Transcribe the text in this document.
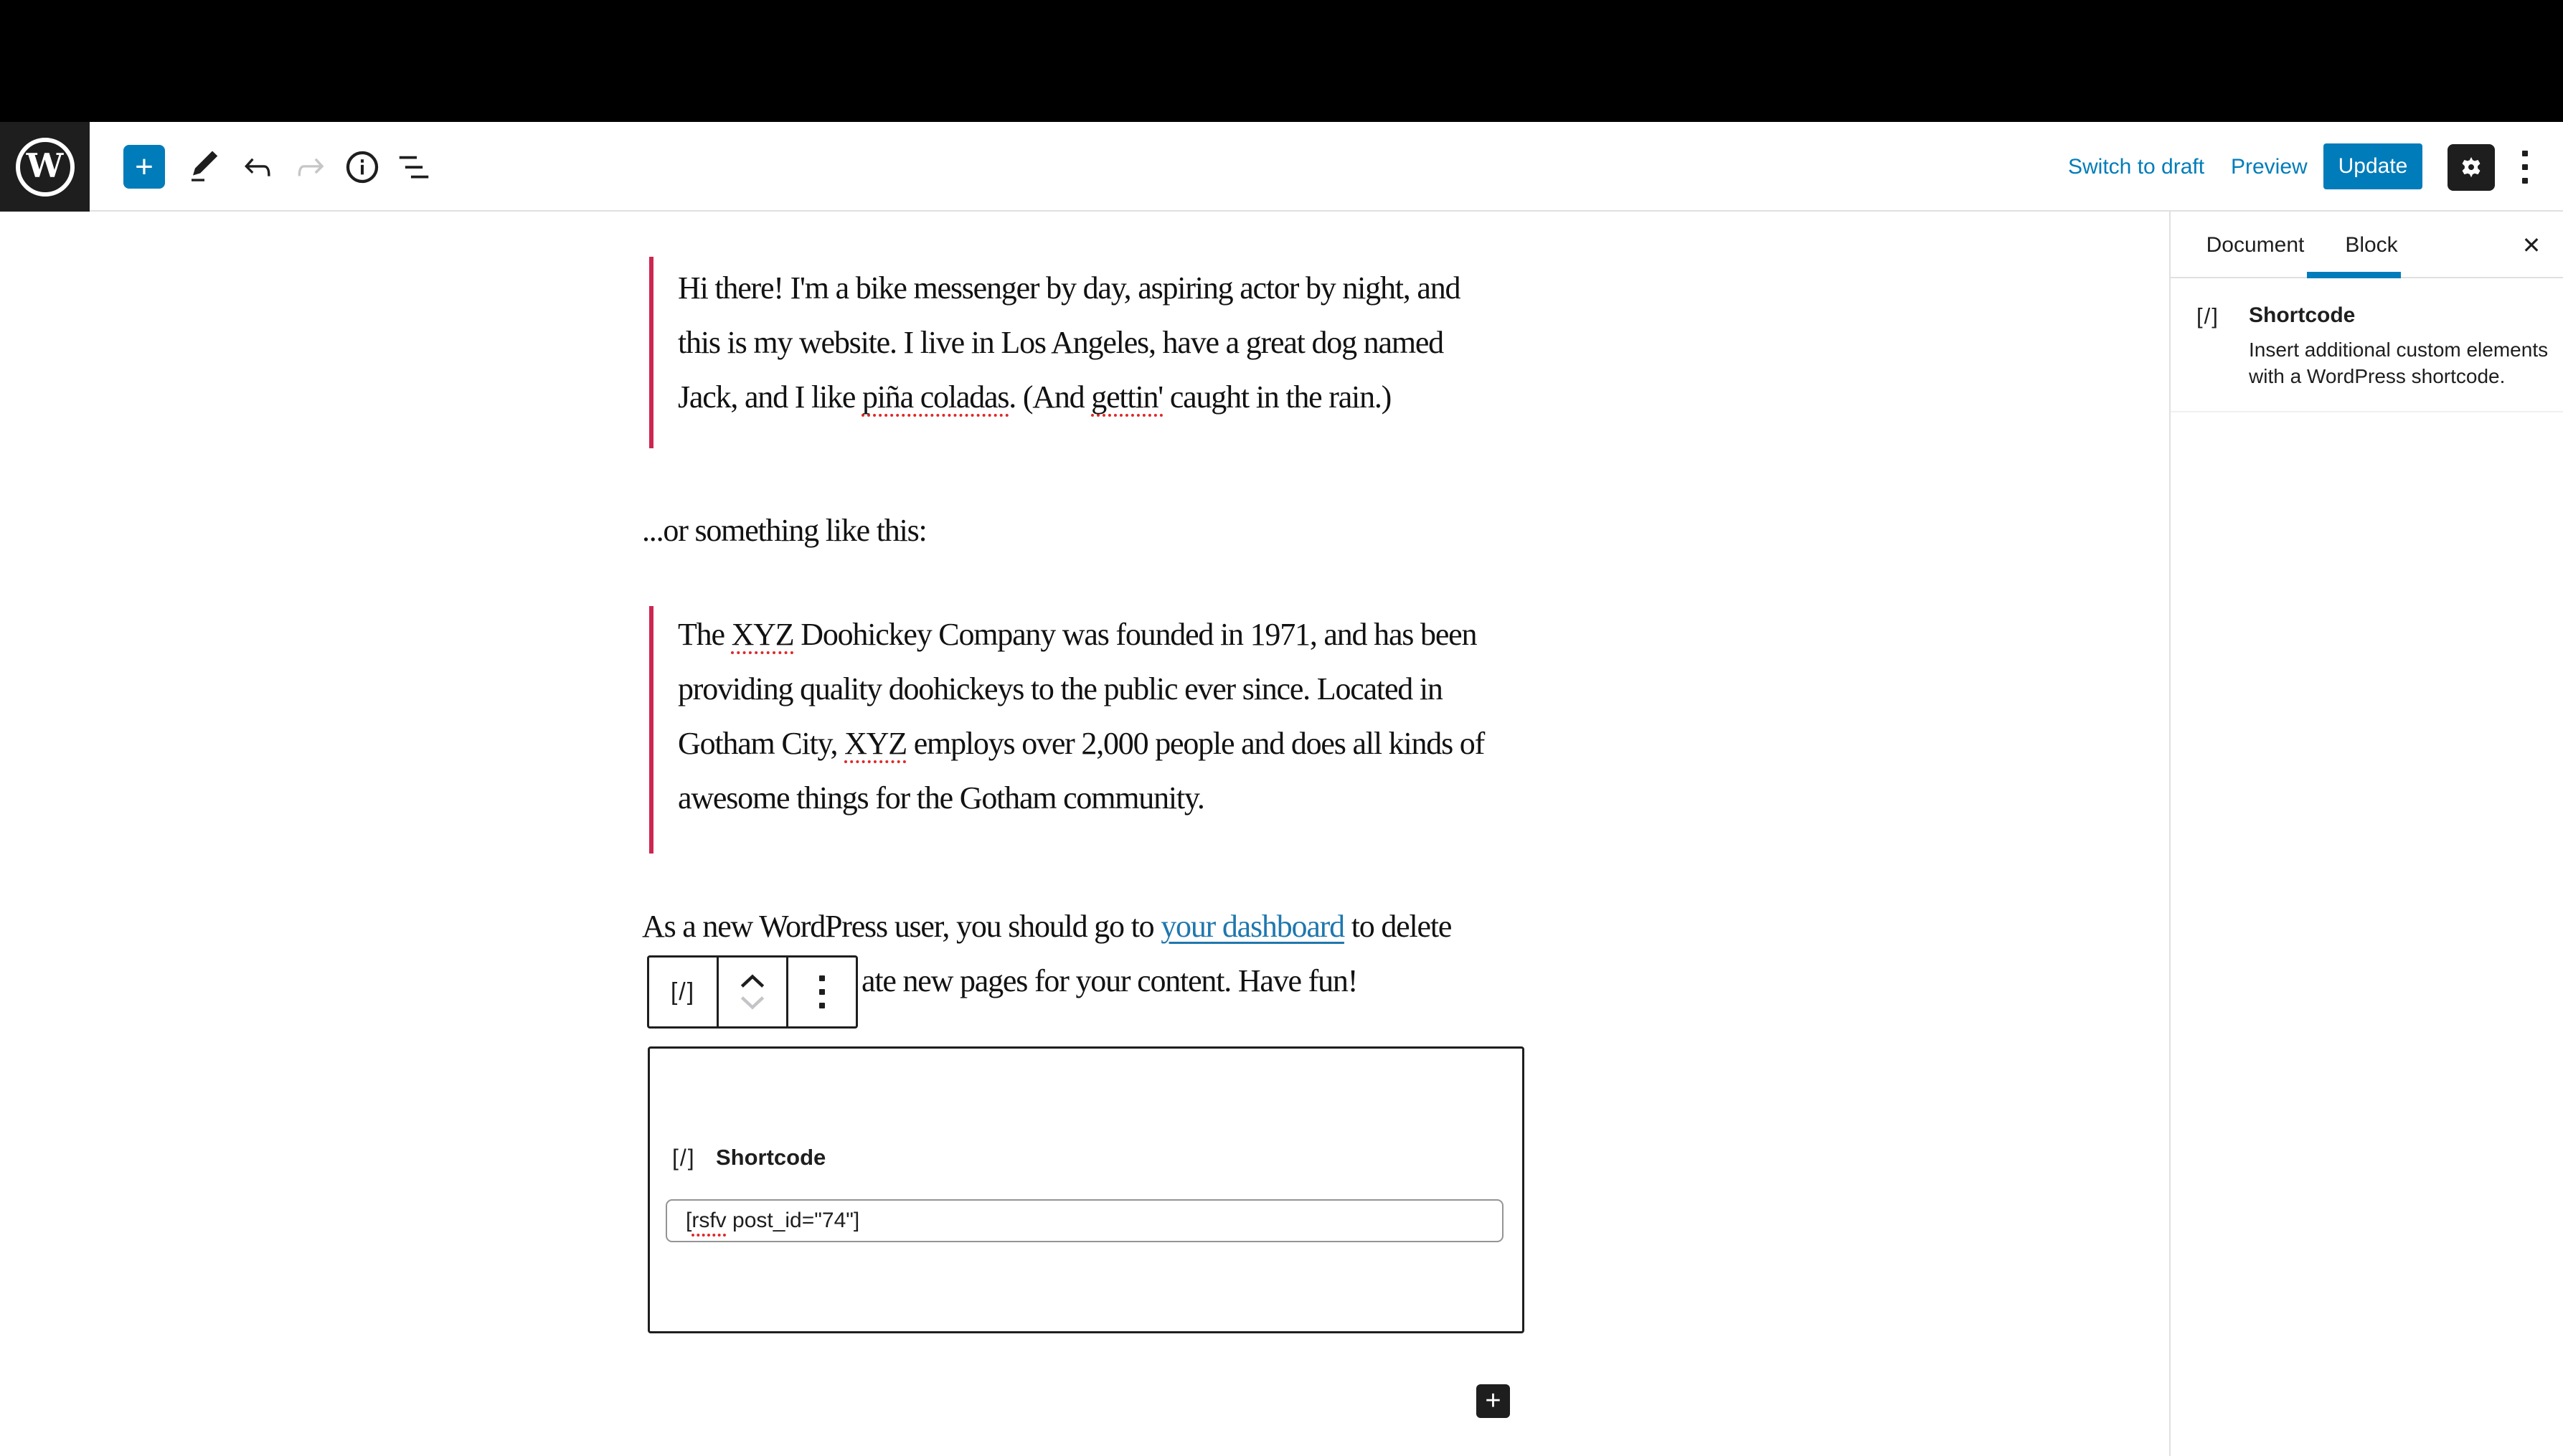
W +	Switch to draft Preview Update
Document Block	✕
[/] Shortcode
Insert additional custom elements
with a WordPress shortcode.
Hi there! I'm a bike messenger by day, aspiring actor by night, and
this is my website. I live in Los Angeles, have a great dog named
Jack, and I like piña coladas. (And gettin' caught in the rain.)
...or something like this:
The XYZ Doohickey Company was founded in 1971, and has been
providing quality doohickeys to the public ever since. Located in
Gotham City, XYZ employs over 2,000 people and does all kinds of
awesome things for the Gotham community.
As a new WordPress user, you should go to your dashboard to delete
ate new pages for your content. Have fun!
[/]
[/] Shortcode
[ rsfv post_id="74"]
+
